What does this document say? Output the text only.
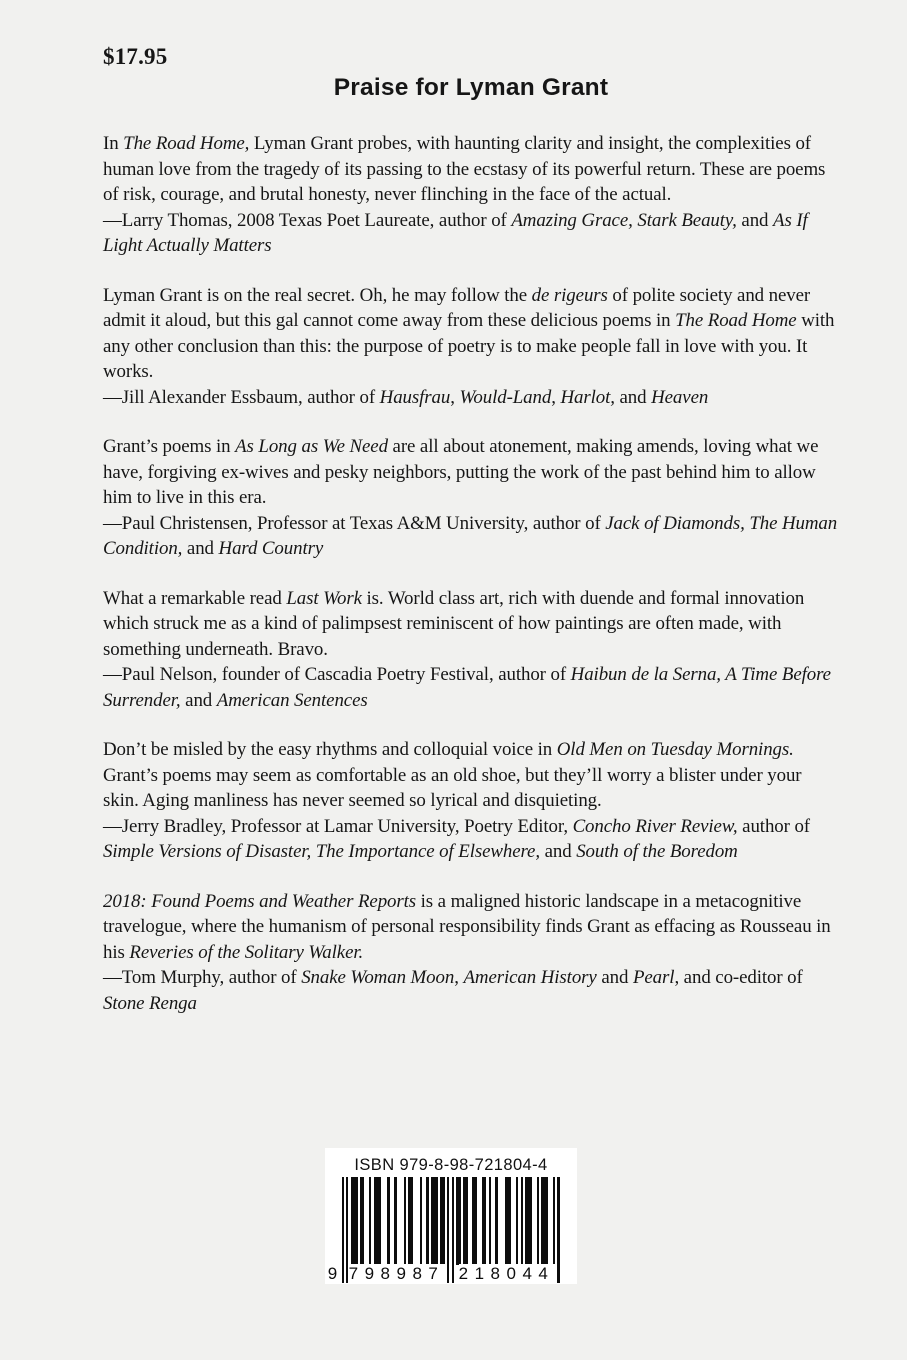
$17.95
Praise for Lyman Grant

In The Road Home, Lyman Grant probes, with haunting clarity and insight, the complexities of human love from the tragedy of its passing to the ecstasy of its powerful return. These are poems of risk, courage, and brutal honesty, never flinching in the face of the actual.

—Larry Thomas, 2008 Texas Poet Laureate, author of Amazing Grace, Stark Beauty, and As If Light Actually Matters

Lyman Grant is on the real secret. Oh, he may follow the de rigeurs of polite society and never admit it aloud, but this gal cannot come away from these delicious poems in The Road Home with any other conclusion than this: the purpose of poetry is to make people fall in love with you. It works.

—Jill Alexander Essbaum, author of Hausfrau, Would-Land, Harlot, and Heaven

Grant’s poems in As Long as We Need are all about atonement, making amends, loving what we have, forgiving ex-wives and pesky neighbors, putting the work of the past behind him to allow him to live in this era.

—Paul Christensen, Professor at Texas A&M University, author of Jack of Diamonds, The Human Condition, and Hard Country

What a remarkable read Last Work is. World class art, rich with duende and formal innovation which struck me as a kind of palimpsest reminiscent of how paintings are often made, with something underneath. Bravo.

—Paul Nelson, founder of Cascadia Poetry Festival, author of Haibun de la Serna, A Time Before Surrender, and American Sentences

Don’t be misled by the easy rhythms and colloquial voice in Old Men on Tuesday Mornings. Grant’s poems may seem as comfortable as an old shoe, but they’ll worry a blister under your skin. Aging manliness has never seemed so lyrical and disquieting.

—Jerry Bradley, Professor at Lamar University, Poetry Editor, Concho River Review, author of Simple Versions of Disaster, The Importance of Elsewhere, and South of the Boredom

2018: Found Poems and Weather Reports is a maligned historic landscape in a metacognitive travelogue, where the humanism of personal responsibility finds Grant as effacing as Rousseau in his Reveries of the Solitary Walker.

—Tom Murphy, author of Snake Woman Moon, American History and Pearl, and co-editor of Stone Renga

ISBN 979-8-98-721804-4
9 798987 218044
